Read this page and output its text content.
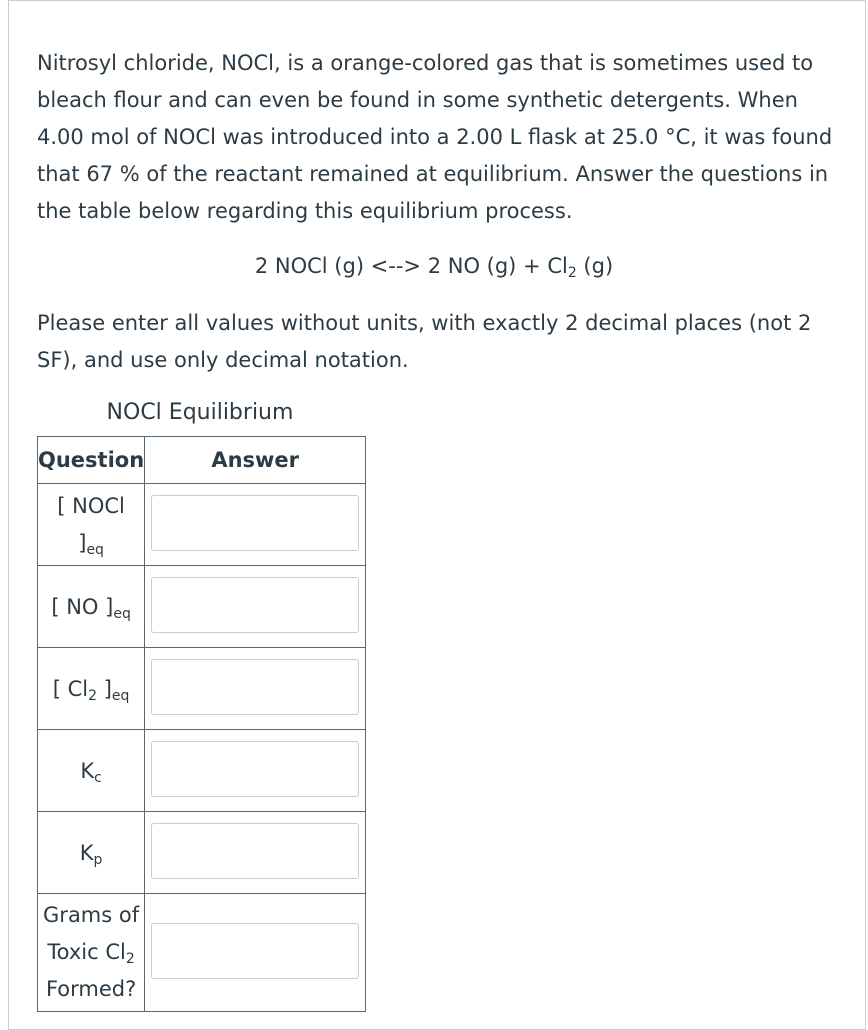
Nitrosyl chloride, NOCl, is a orange-colored gas that is sometimes used to bleach flour and can even be found in some synthetic detergents. When 4.00 mol of NOCl was introduced into a 2.00 L flask at 25.0 °C, it was found that 67 % of the reactant remained at equilibrium. Answer the questions in the table below regarding this equilibrium process.

2 NOCl (g) <--> 2 NO $(g) + Cl_2$ (g)

Please enter all values without units, with exactly 2 decimal places (not 2 SF), and use only decimal notation.

NOCl Equilibrium
Question	Answer

[ NOCl
]$_{eq}$

[ NO ]$_{eq}$	
[ $Cl_2$ ]$_{eq}$	
$K_c$	
$K_p$	

Grams of
Toxic $Cl_2$
Formed?	
